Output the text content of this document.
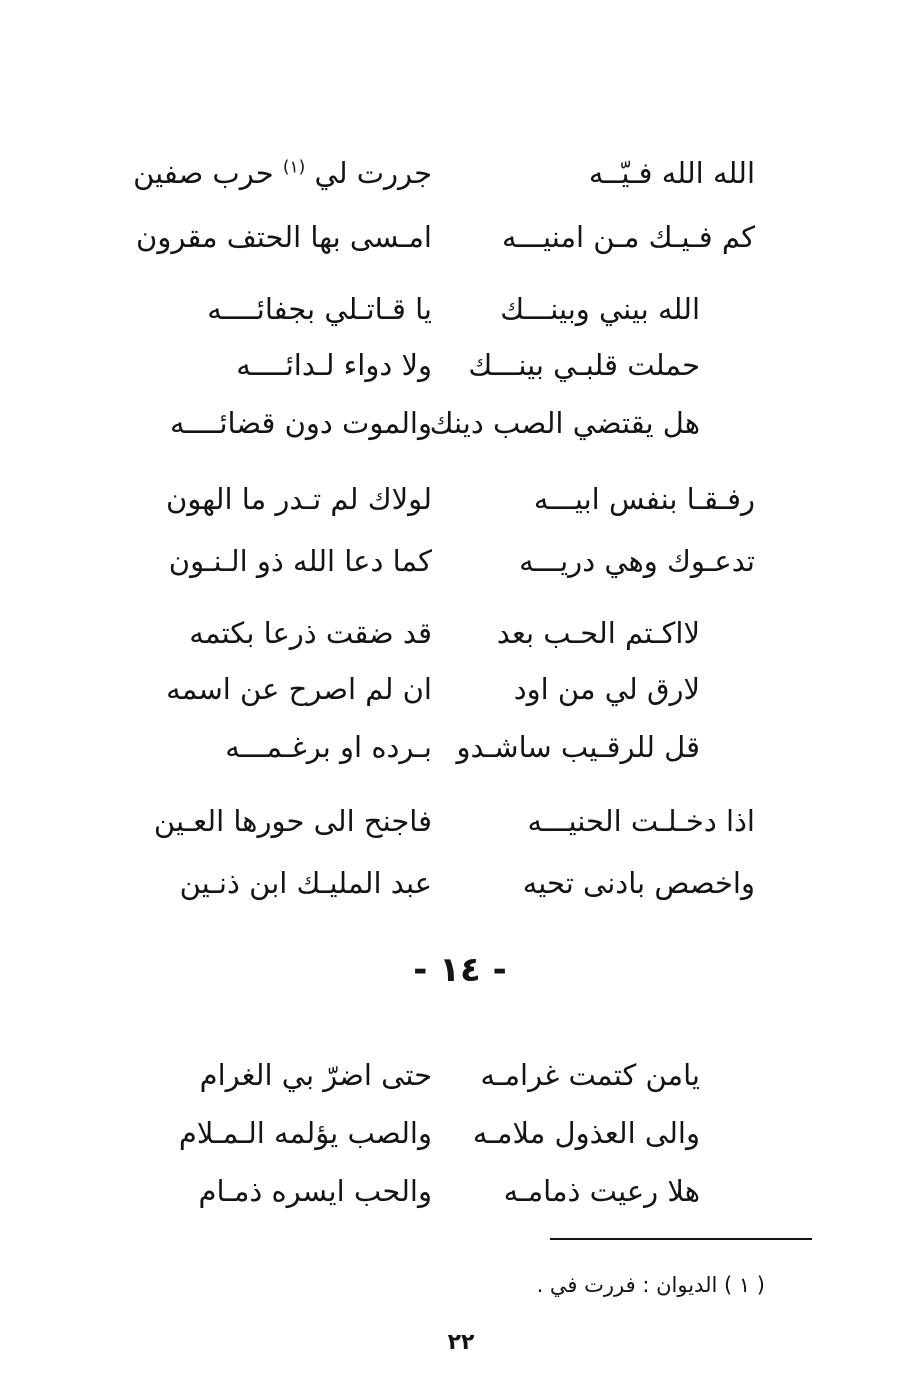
الله الله فـيّــه
جررت لي $^{(١)}$ حرب صفين
كم فـيـك مـن امنيـــه
امـسى بها الحتف مقرون
الله بيني وبينـــك
يا قـاتـلي بجفائــــه
حملت قلبـي بينـــك
ولا دواء لـدائــــه
هل يقتضي الصب دينك
والموت دون قضائــــه
رفـقـا بنفس ابيـــه
لولاك لم تـدر ما الهون
تدعـوك وهي دريـــه
كما دعا الله ذو الـنـون
لااكـتم الحـب بعد
قد ضقت ذرعا بكتمه
لارق لي من اود
ان لم اصرح عن اسمه
قل للرقـيب ساشـدو
بـرده او برغـمـــه
اذا دخـلـت الحنيـــه
فاجنح الى حورها العـين
واخصص بادنى تحيه
عبد المليـك ابن ذنـين
- ١٤ -
يامن كتمت غرامـه
حتى اضرّ بي الغرام
والى العذول ملامـه
والصب يؤلمه الـمـلام
هلا رعيت ذمامـه
والحب ايسره ذمـام
( ١ ) الديوان : فررت في .
٢٢
